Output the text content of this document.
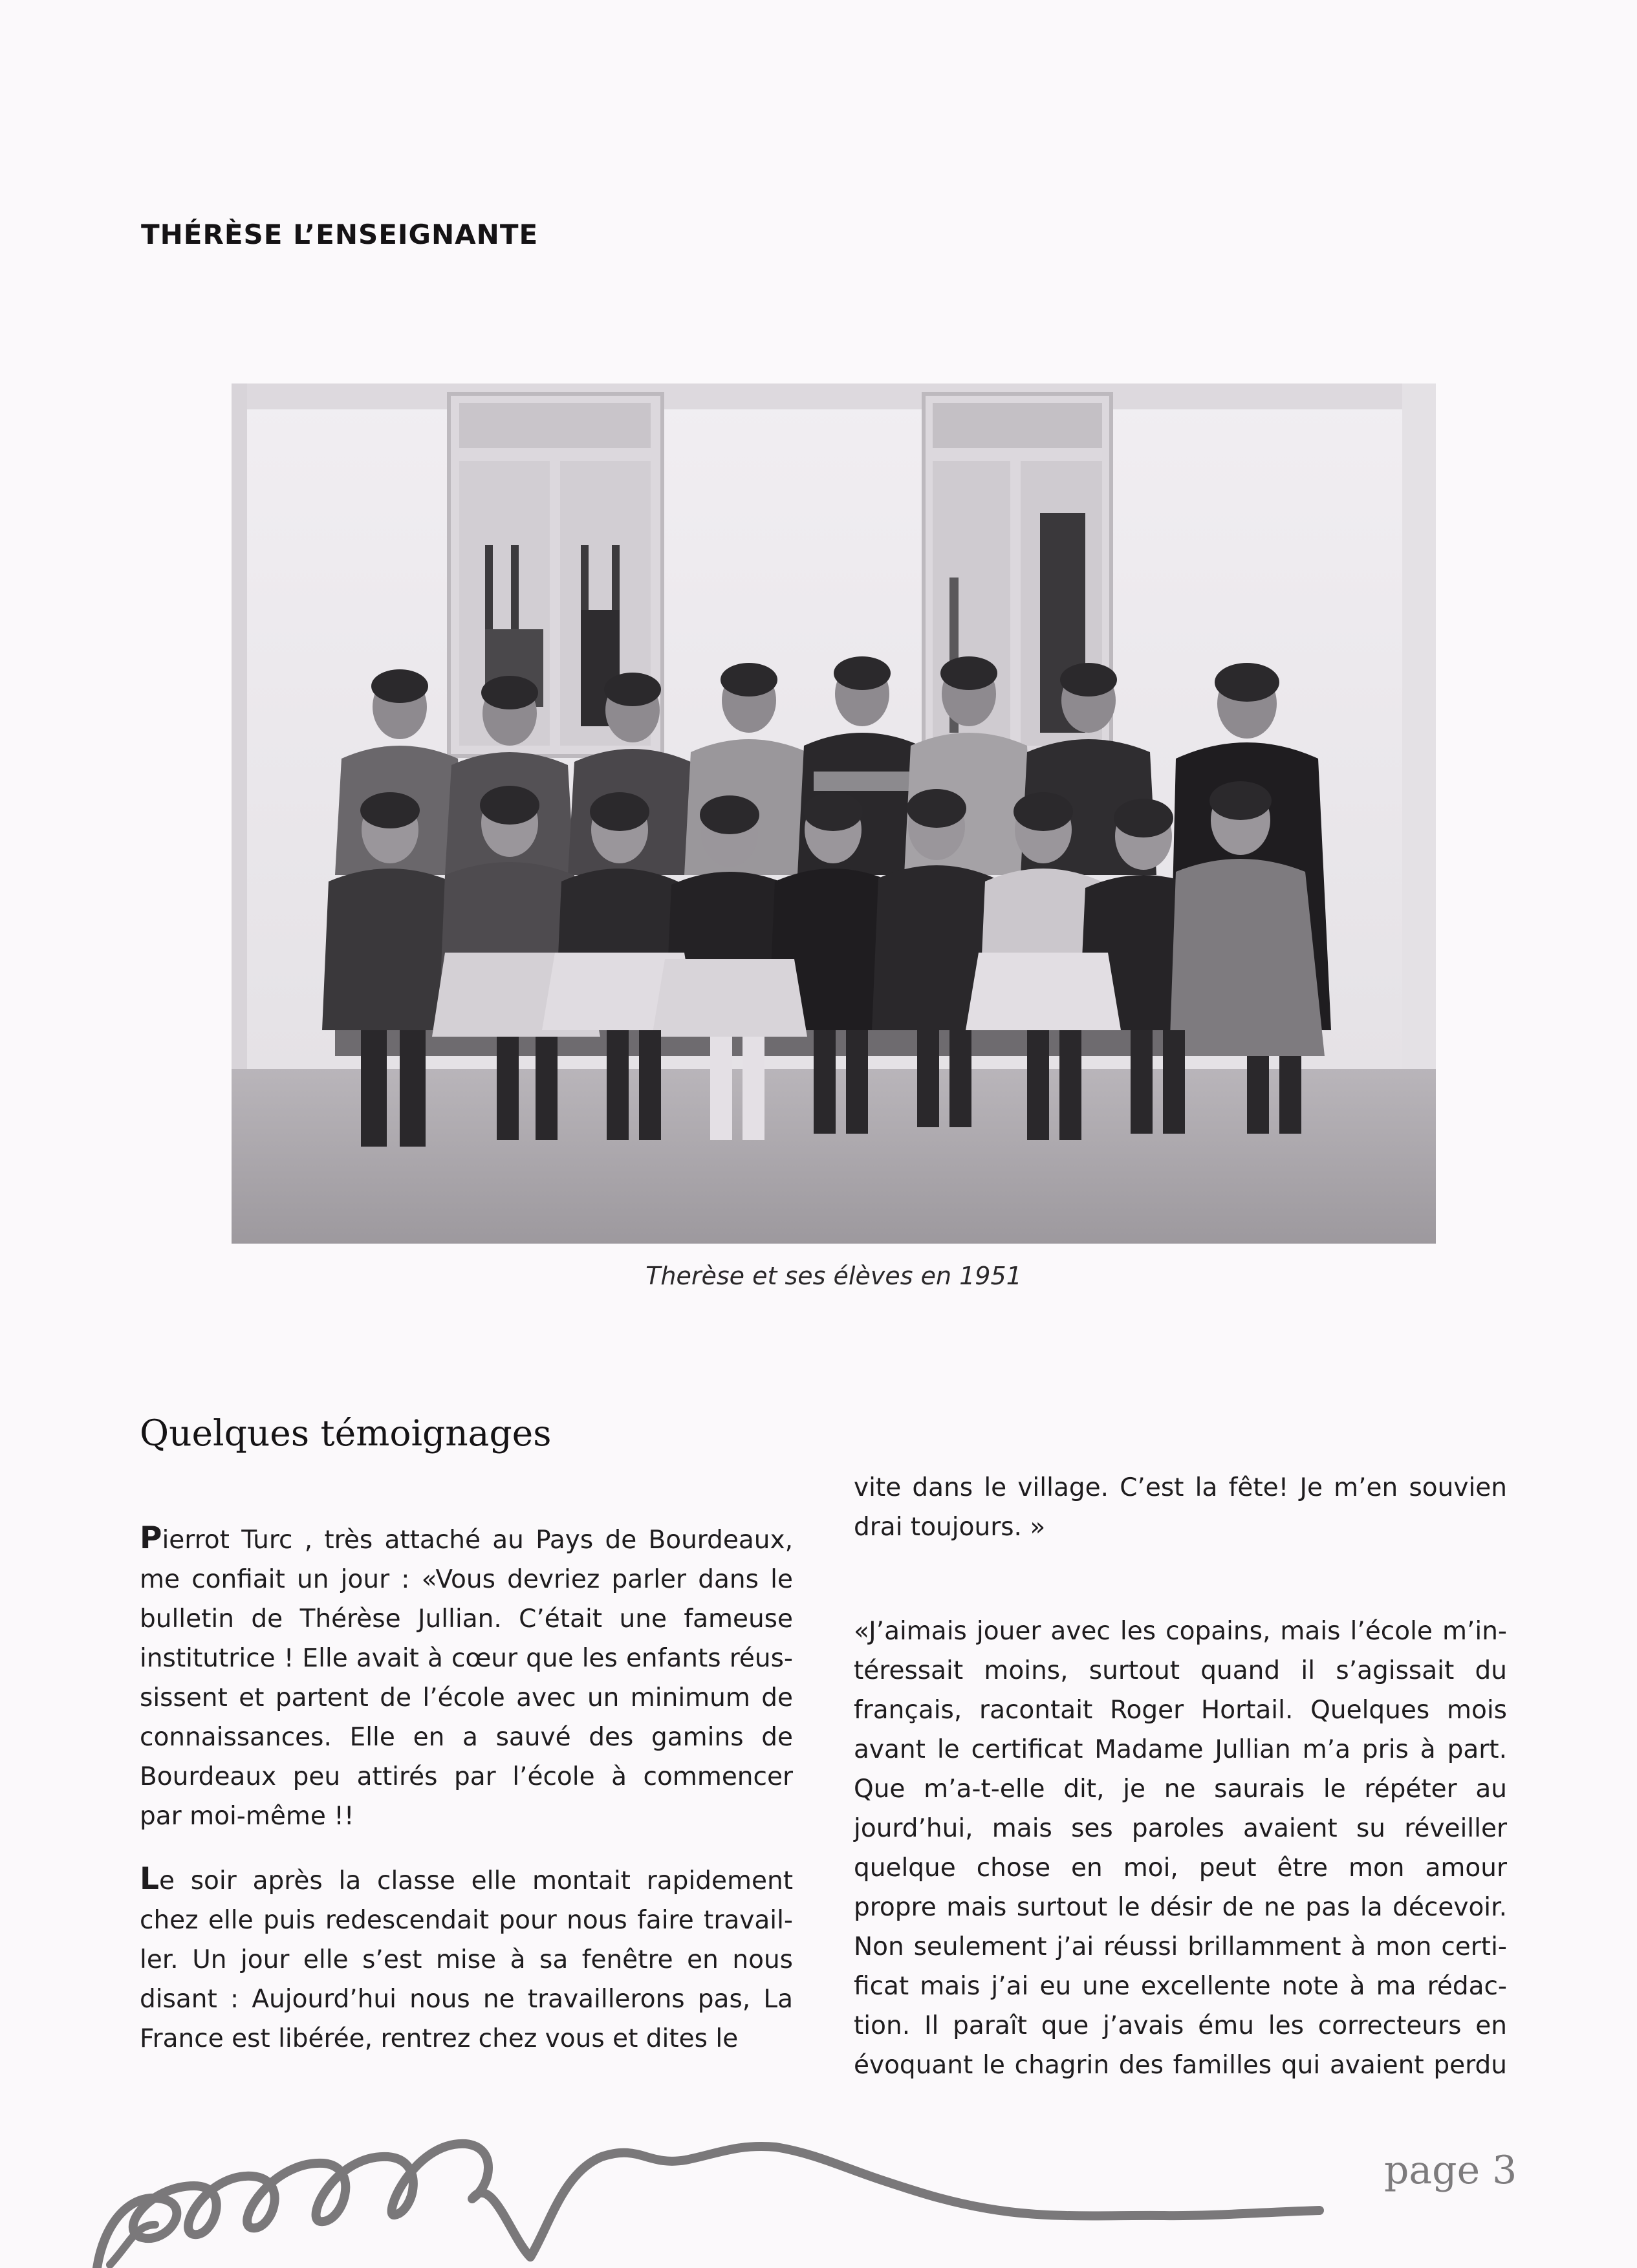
THÉRÈSE L’ENSEIGNANTE
Therèse et ses élèves en 1951
Quelques témoignages

Pierrot Turc , très attaché au Pays de Bourdeaux,

me confiait un jour : «Vous devriez parler dans le

bulletin de Thérèse Jullian. C’était une fameuse

institutrice ! Elle avait à cœur que les enfants réus-

sissent et partent de l’école avec un minimum de

connaissances. Elle en a sauvé des gamins de

Bourdeaux peu attirés par l’école à commencer

par moi-même !!

Le soir après la classe elle montait rapidement

chez elle puis redescendait pour nous faire travail-

ler. Un jour elle s’est mise à sa fenêtre en nous

disant : Aujourd’hui nous ne travaillerons pas, La

France est libérée, rentrez chez vous et dites le

vite dans le village. C’est la fête! Je m’en souvien

drai toujours. »

«J’aimais jouer avec les copains, mais l’école m’in-

téressait moins, surtout quand il s’agissait du

français, racontait Roger Hortail. Quelques mois

avant le certificat Madame Jullian m’a pris à part.

Que m’a-t-elle dit, je ne saurais le répéter au

jourd’hui, mais ses paroles avaient su réveiller

quelque chose en moi, peut être mon amour

propre mais surtout le désir de ne pas la décevoir.

Non seulement j’ai réussi brillamment à mon certi-

ficat mais j’ai eu une excellente note à ma rédac-

tion. Il paraît que j’avais ému les correcteurs en

évoquant le chagrin des familles qui avaient perdu

page 3
